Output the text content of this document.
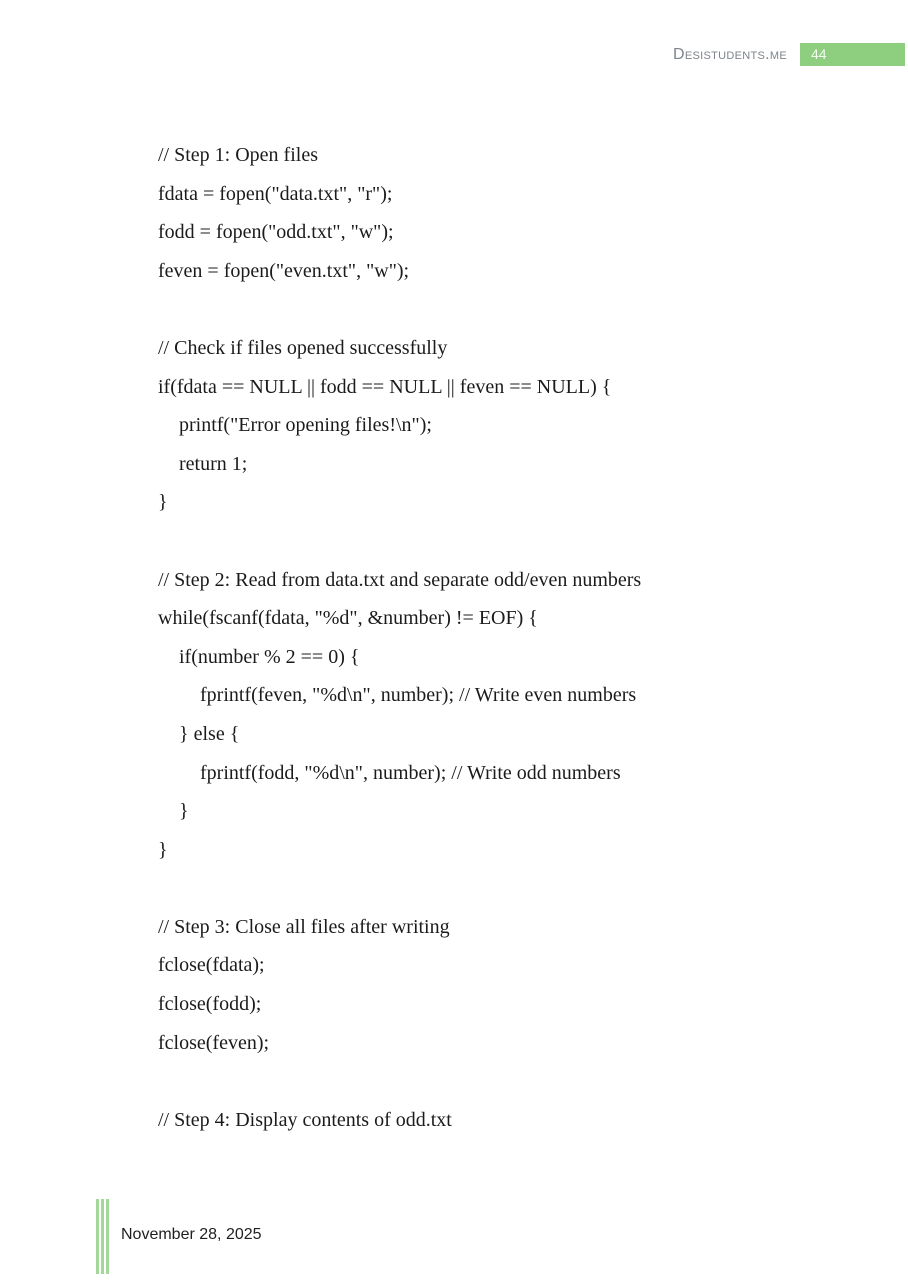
Desistudents.me	44
// Step 1: Open files
fdata = fopen("data.txt", "r");
fodd = fopen("odd.txt", "w");
feven = fopen("even.txt", "w");

// Check if files opened successfully
if(fdata == NULL || fodd == NULL || feven == NULL) {
printf("Error opening files!\n");
return 1;
}

// Step 2: Read from data.txt and separate odd/even numbers
while(fscanf(fdata, "%d", &number) != EOF) {
if(number % 2 == 0) {
fprintf(feven, "%d\n", number); // Write even numbers
} else {
fprintf(fodd, "%d\n", number); // Write odd numbers
}
}

// Step 3: Close all files after writing
fclose(fdata);
fclose(fodd);
fclose(feven);

// Step 4: Display contents of odd.txt
November 28, 2025
